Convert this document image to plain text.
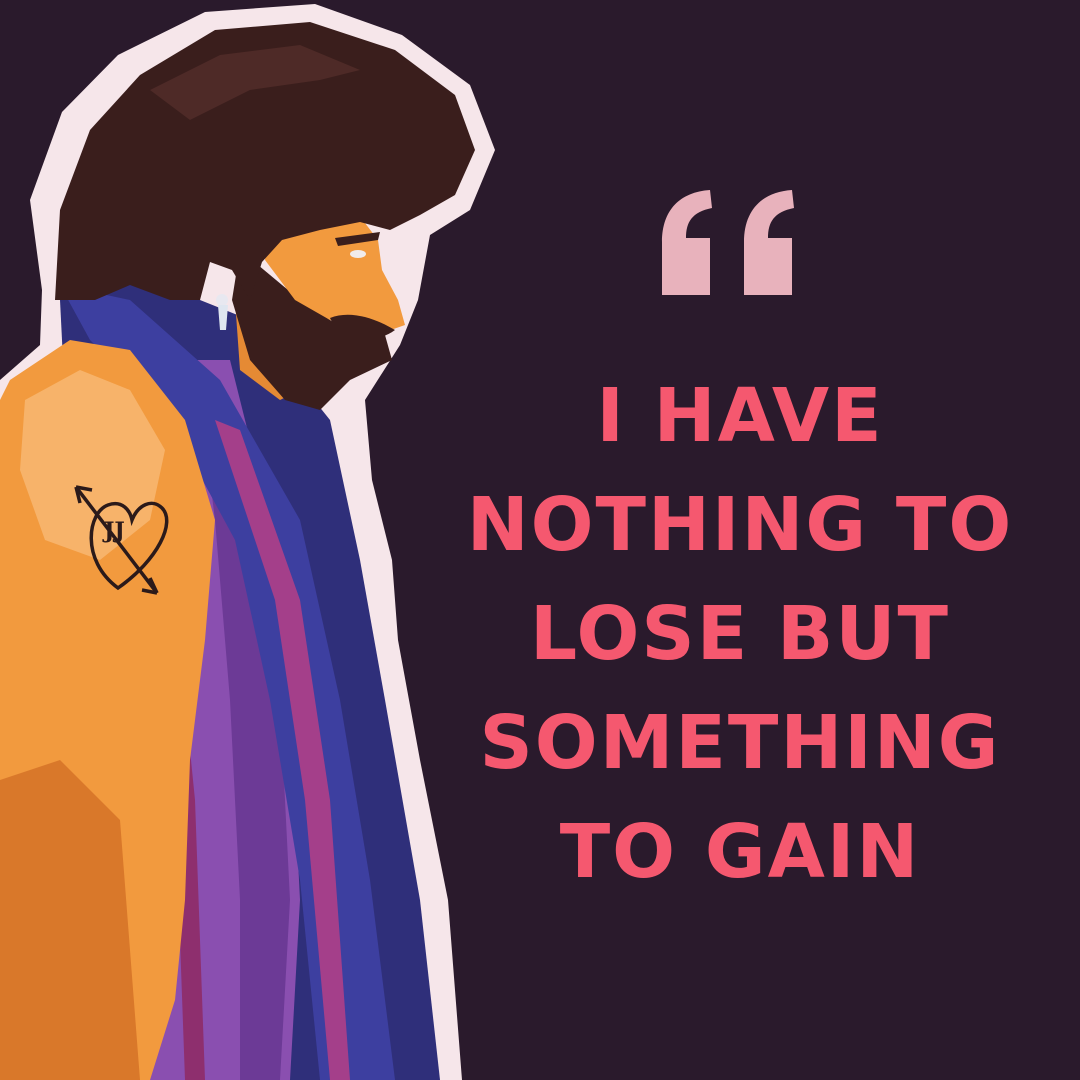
JJ
I HAVE
NOTHING TO
LOSE BUT
SOMETHING
TO GAIN
